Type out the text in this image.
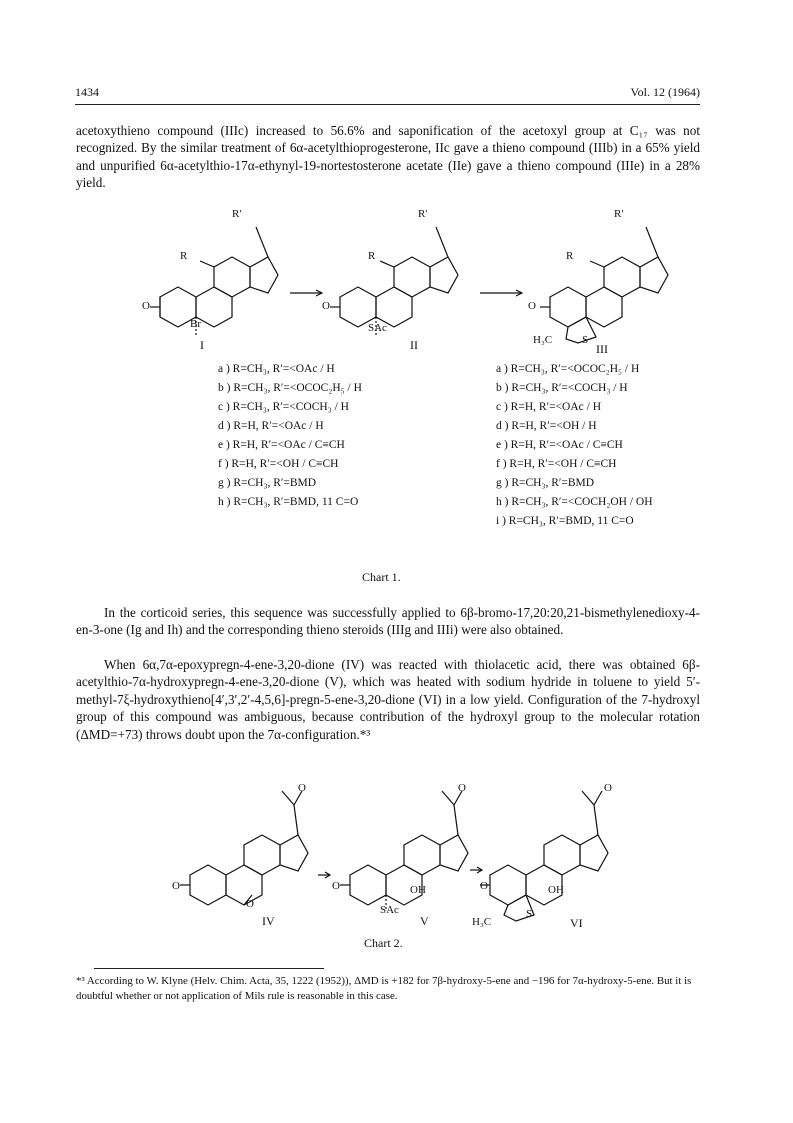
1434	Vol. 12 (1964)

acetoxythieno compound (IIIc) increased to 56.6% and saponification of the acetoxyl group at C₁₇ was not recognized. By the similar treatment of 6α-acetylthioprogesterone, IIc gave a thieno compound (IIIb) in a 65% yield and unpurified 6α-acetylthio-17α-ethynyl-19-nortestosterone acetate (IIe) gave a thieno compound (IIIe) in a 28% yield.

R′
R
O
Br
I
R′
R
O
SAc
II
R′
R
O
H₃C	S
III
a ) R=CH₃, R′=<OAc / H
b ) R=CH₃, R′=<OCOC₂H₅ / H
c ) R=CH₃, R′=<COCH₃ / H
d ) R=H, R′=<OAc / H
e ) R=H, R′=<OAc / C≡CH
f ) R=H, R′=<OH / C≡CH
g ) R=CH₃, R′=BMD
h ) R=CH₃, R′=BMD, 11 C=O
a ) R=CH₃, R′=<OCOC₂H₅ / H
b ) R=CH₃, R′=<COCH₃ / H
c ) R=H, R′=<OAc / H
d ) R=H, R′=<OH / H
e ) R=H, R′=<OAc / C≡CH
f ) R=H, R′=<OH / C≡CH
g ) R=CH₃, R′=BMD
h ) R=CH₃, R′=<COCH₂OH / OH
i ) R=CH₃, R′=BMD, 11 C=O
Chart 1.

In the corticoid series, this sequence was successfully applied to 6β-bromo-17,20:20,21-bismethylenedioxy-4-en-3-one (Ig and Ih) and the corresponding thieno steroids (IIIg and IIIi) were also obtained.

When 6α,7α-epoxypregn-4-ene-3,20-dione (IV) was reacted with thiolacetic acid, there was obtained 6β-acetylthio-7α-hydroxypregn-4-ene-3,20-dione (V), which was heated with sodium hydride in toluene to yield 5′-methyl-7ξ-hydroxythieno[4′,3′,2′-4,5,6]-pregn-5-ene-3,20-dione (VI) in a low yield. Configuration of the 7-hydroxyl group of this compound was ambiguous, because contribution of the hydroxyl group to the molecular rotation (ΔMD=+73) throws doubt upon the 7α-configuration.*³

O
O
O
IV
O
O	OH
SAc
V
O
O	OH
H₃C
S
VI
Chart 2.

*³ According to W. Klyne (Helv. Chim. Acta, 35, 1222 (1952)), ΔMD is +182 for 7β-hydroxy-5-ene and −196 for 7α-hydroxy-5-ene. But it is doubtful whether or not application of Mils rule is reasonable in this case.
